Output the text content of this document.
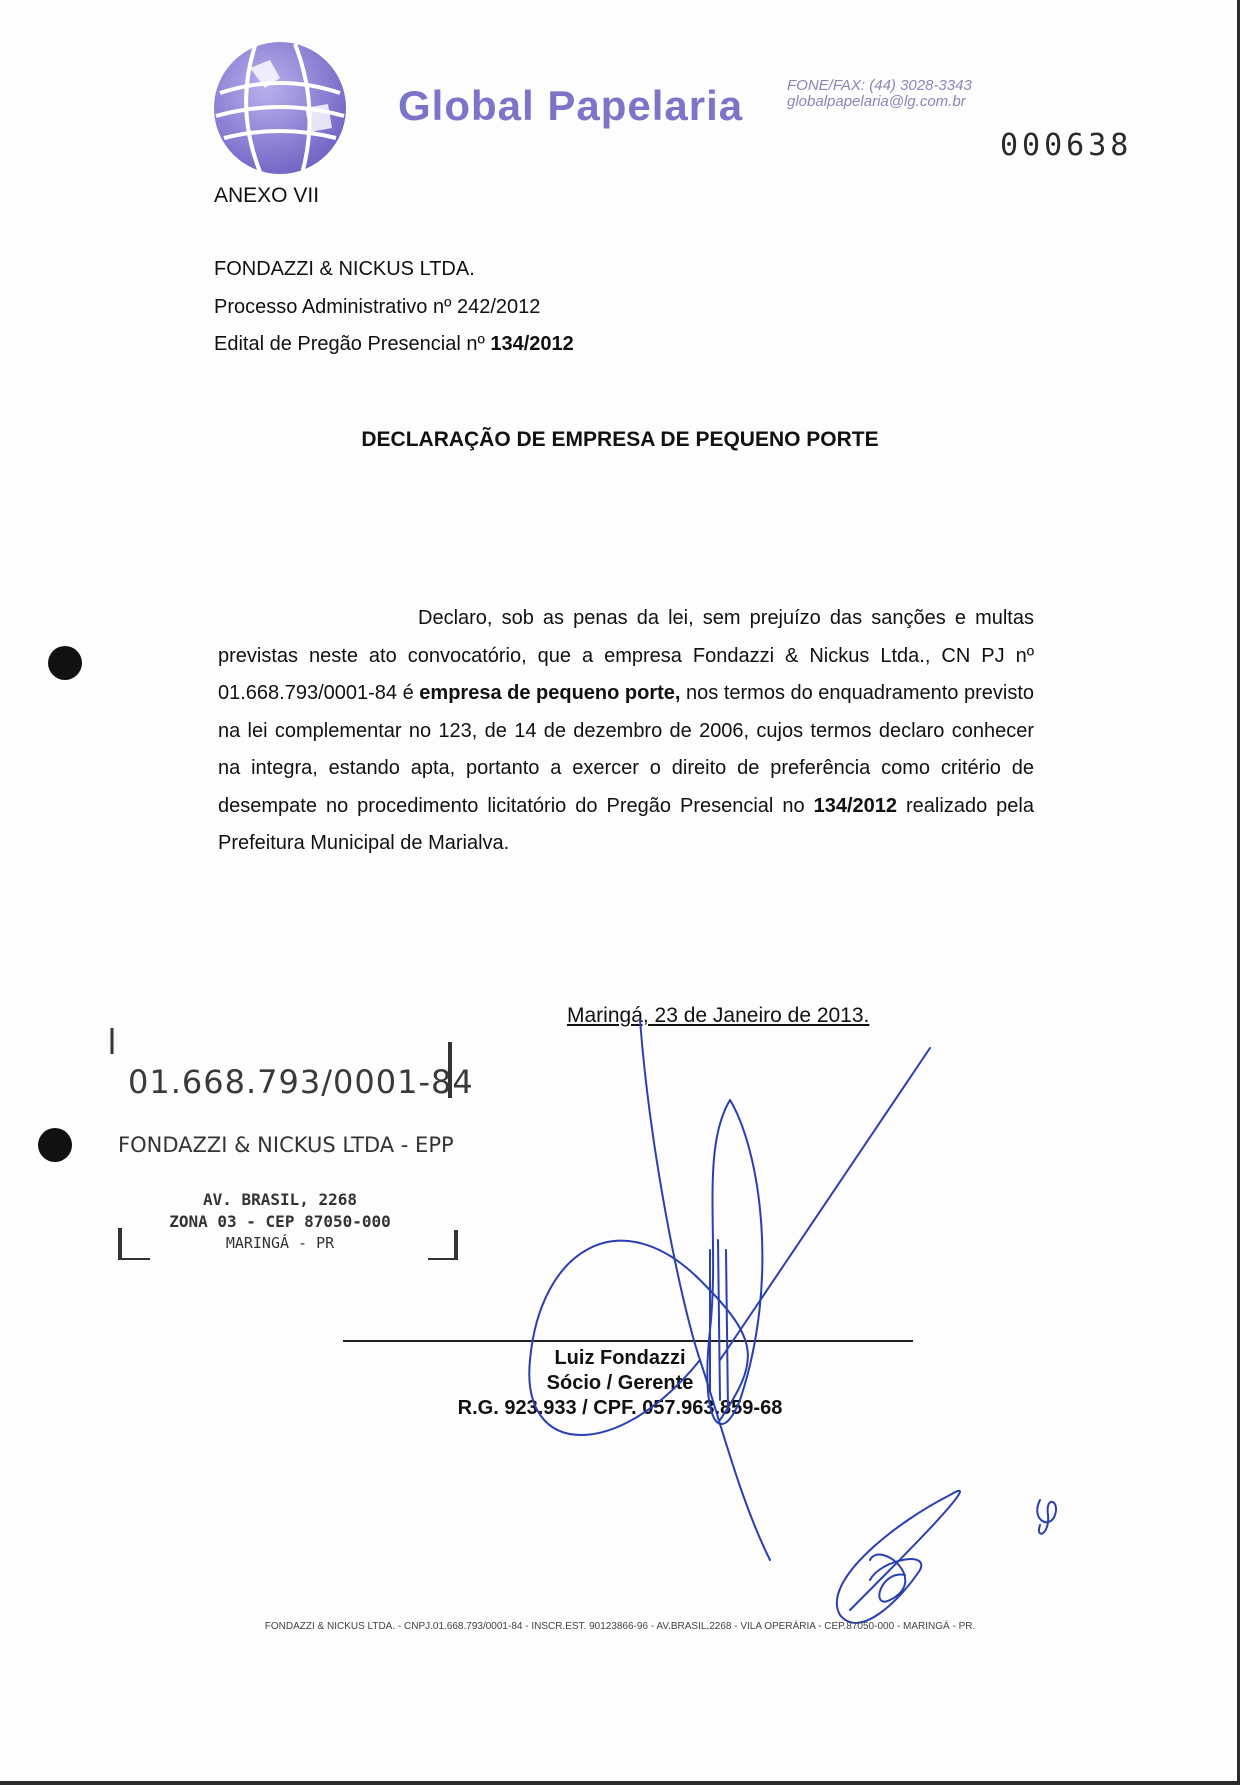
Global Papelaria	FONE/FAX: (44) 3028-3343
globalpapelaria@lg.com.br
000638
ANEXO VII
FONDAZZI & NICKUS LTDA.
Processo Administrativo nº 242/2012
Edital de Pregão Presencial nº 134/2012
DECLARAÇÃO DE EMPRESA DE PEQUENO PORTE

Declaro, sob as penas da lei, sem prejuízo das sanções e multas previstas neste ato convocatório, que a empresa Fondazzi & Nickus Ltda., CN PJ nº 01.668.793/0001-84 é empresa de pequeno porte, nos termos do enquadramento previsto na lei complementar no 123, de 14 de dezembro de 2006, cujos termos declaro conhecer na integra, estando apta, portanto a exercer o direito de preferência como critério de desempate no procedimento licitatório do Pregão Presencial no 134/2012 realizado pela Prefeitura Municipal de Marialva.

Maringá, 23 de Janeiro de 2013.
01.668.793/0001-84
FONDAZZI & NICKUS LTDA - EPP
AV. BRASIL, 2268
ZONA 03 - CEP 87050-000
MARINGÁ - PR
Luiz Fondazzi
Sócio / Gerente
R.G. 923.933 / CPF. 057.963.859-68
FONDAZZI & NICKUS LTDA. - CNPJ.01.668.793/0001-84 - INSCR.EST. 90123866-96 - AV.BRASIL,2268 - VILA OPERÁRIA - CEP.87050-000 - MARINGÁ - PR.
